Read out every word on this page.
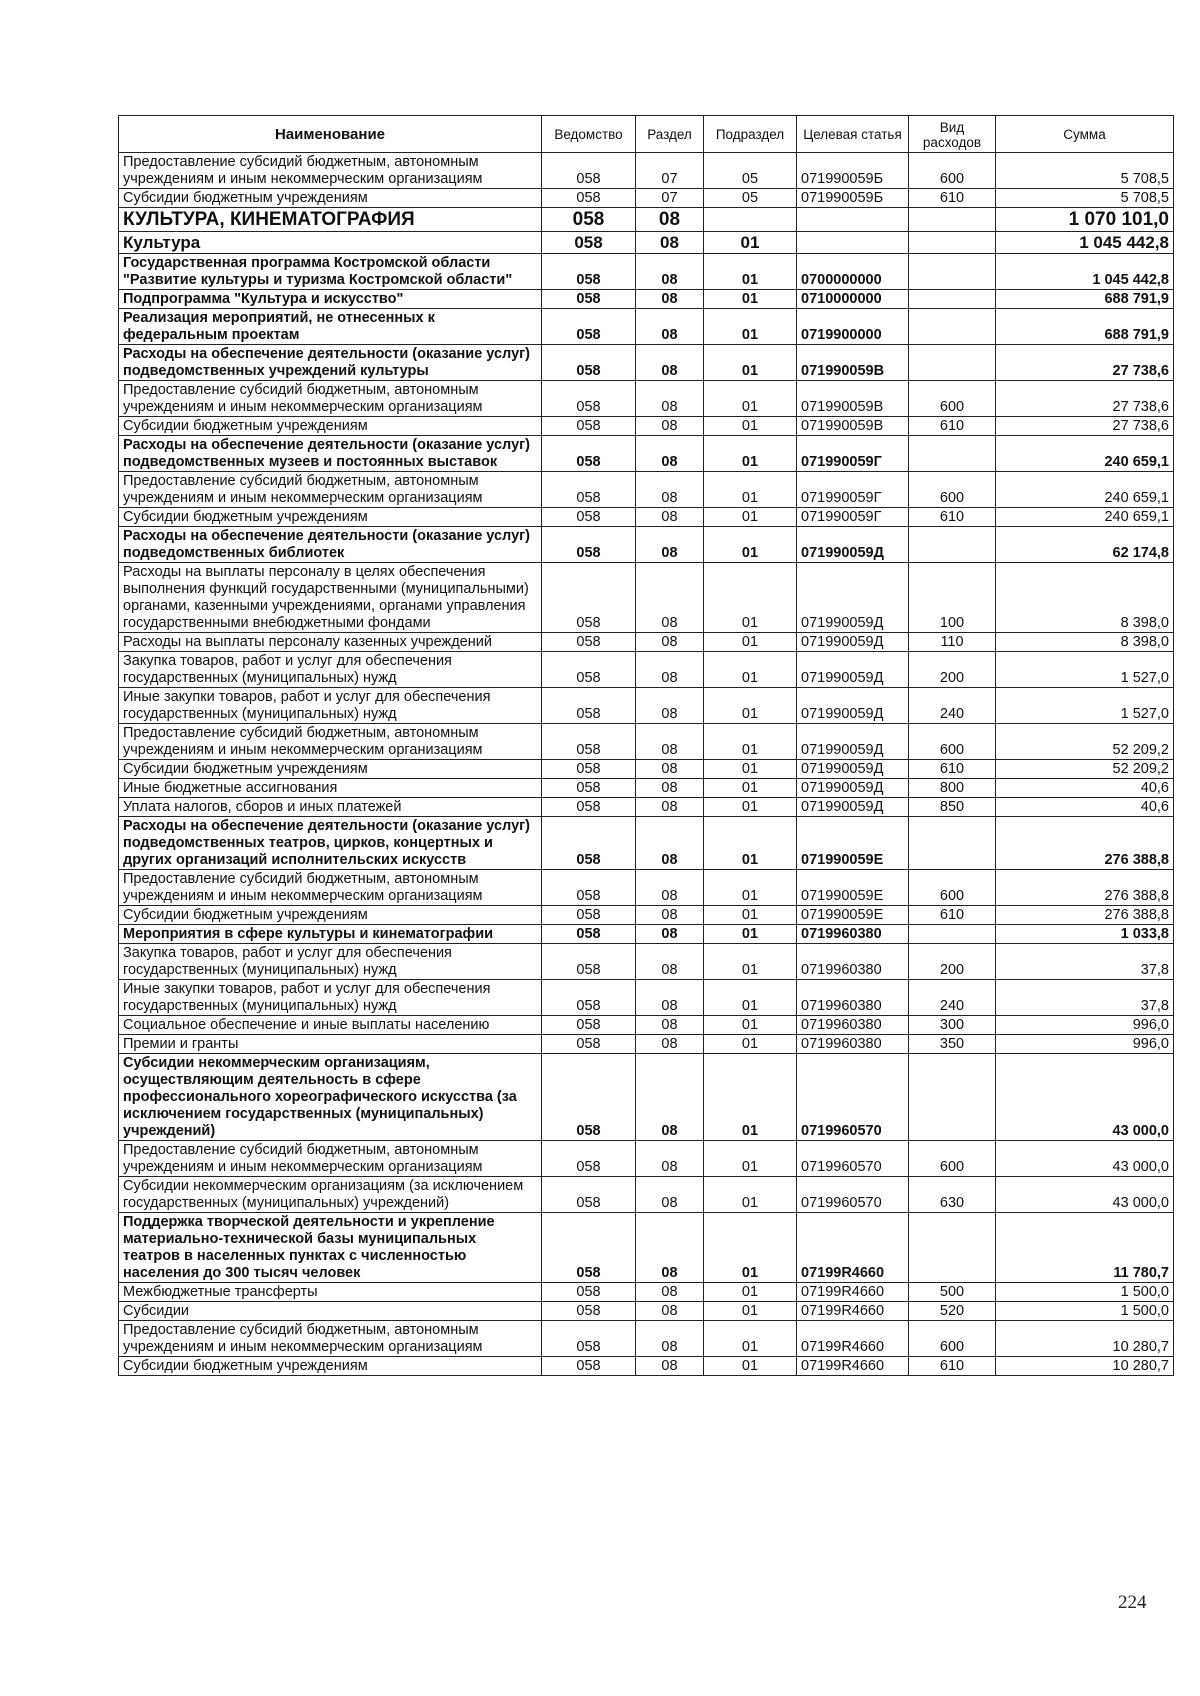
Наименование	Ведомство	Раздел	Подраздел	Целевая статья	Вид расходов	Сумма
Предоставление субсидий бюджетным, автономным учреждениям и иным некоммерческим организациям	058	07	05	071990059Б	600	5 708,5
Субсидии бюджетным учреждениям	058	07	05	071990059Б	610	5 708,5
КУЛЬТУРА, КИНЕМАТОГРАФИЯ	058	08				1 070 101,0
Культура	058	08	01			1 045 442,8
Государственная программа Костромской области "Развитие культуры и туризма Костромской области"	058	08	01	0700000000		1 045 442,8
Подпрограмма "Культура и искусство"	058	08	01	0710000000		688 791,9
Реализация мероприятий, не отнесенных к федеральным проектам	058	08	01	0719900000		688 791,9
Расходы на обеспечение деятельности (оказание услуг) подведомственных учреждений культуры	058	08	01	071990059В		27 738,6
Предоставление субсидий бюджетным, автономным учреждениям и иным некоммерческим организациям	058	08	01	071990059В	600	27 738,6
Субсидии бюджетным учреждениям	058	08	01	071990059В	610	27 738,6
Расходы на обеспечение деятельности (оказание услуг) подведомственных музеев и постоянных выставок	058	08	01	071990059Г		240 659,1
Предоставление субсидий бюджетным, автономным учреждениям и иным некоммерческим организациям	058	08	01	071990059Г	600	240 659,1
Субсидии бюджетным учреждениям	058	08	01	071990059Г	610	240 659,1
Расходы на обеспечение деятельности (оказание услуг) подведомственных библиотек	058	08	01	071990059Д		62 174,8
Расходы на выплаты персоналу в целях обеспечения выполнения функций государственными (муниципальными) органами, казенными учреждениями, органами управления государственными внебюджетными фондами	058	08	01	071990059Д	100	8 398,0
Расходы на выплаты персоналу казенных учреждений	058	08	01	071990059Д	110	8 398,0
Закупка товаров, работ и услуг для обеспечения государственных (муниципальных) нужд	058	08	01	071990059Д	200	1 527,0
Иные закупки товаров, работ и услуг для обеспечения государственных (муниципальных) нужд	058	08	01	071990059Д	240	1 527,0
Предоставление субсидий бюджетным, автономным учреждениям и иным некоммерческим организациям	058	08	01	071990059Д	600	52 209,2
Субсидии бюджетным учреждениям	058	08	01	071990059Д	610	52 209,2
Иные бюджетные ассигнования	058	08	01	071990059Д	800	40,6
Уплата налогов, сборов и иных платежей	058	08	01	071990059Д	850	40,6
Расходы на обеспечение деятельности (оказание услуг) подведомственных театров, цирков, концертных и других организаций исполнительских искусств	058	08	01	071990059Е		276 388,8
Предоставление субсидий бюджетным, автономным учреждениям и иным некоммерческим организациям	058	08	01	071990059Е	600	276 388,8
Субсидии бюджетным учреждениям	058	08	01	071990059Е	610	276 388,8
Мероприятия в сфере культуры и кинематографии	058	08	01	0719960380		1 033,8
Закупка товаров, работ и услуг для обеспечения государственных (муниципальных) нужд	058	08	01	0719960380	200	37,8
Иные закупки товаров, работ и услуг для обеспечения государственных (муниципальных) нужд	058	08	01	0719960380	240	37,8
Социальное обеспечение и иные выплаты населению	058	08	01	0719960380	300	996,0
Премии и гранты	058	08	01	0719960380	350	996,0
Субсидии некоммерческим организациям, осуществляющим деятельность в сфере профессионального хореографического искусства (за исключением государственных (муниципальных) учреждений)	058	08	01	0719960570		43 000,0
Предоставление субсидий бюджетным, автономным учреждениям и иным некоммерческим организациям	058	08	01	0719960570	600	43 000,0
Субсидии некоммерческим организациям (за исключением государственных (муниципальных) учреждений)	058	08	01	0719960570	630	43 000,0
Поддержка творческой деятельности и укрепление материально-технической базы муниципальных театров в населенных пунктах с численностью населения до 300 тысяч человек	058	08	01	07199R4660		11 780,7
Межбюджетные трансферты	058	08	01	07199R4660	500	1 500,0
Субсидии	058	08	01	07199R4660	520	1 500,0
Предоставление субсидий бюджетным, автономным учреждениям и иным некоммерческим организациям	058	08	01	07199R4660	600	10 280,7
Субсидии бюджетным учреждениям	058	08	01	07199R4660	610	10 280,7
224
